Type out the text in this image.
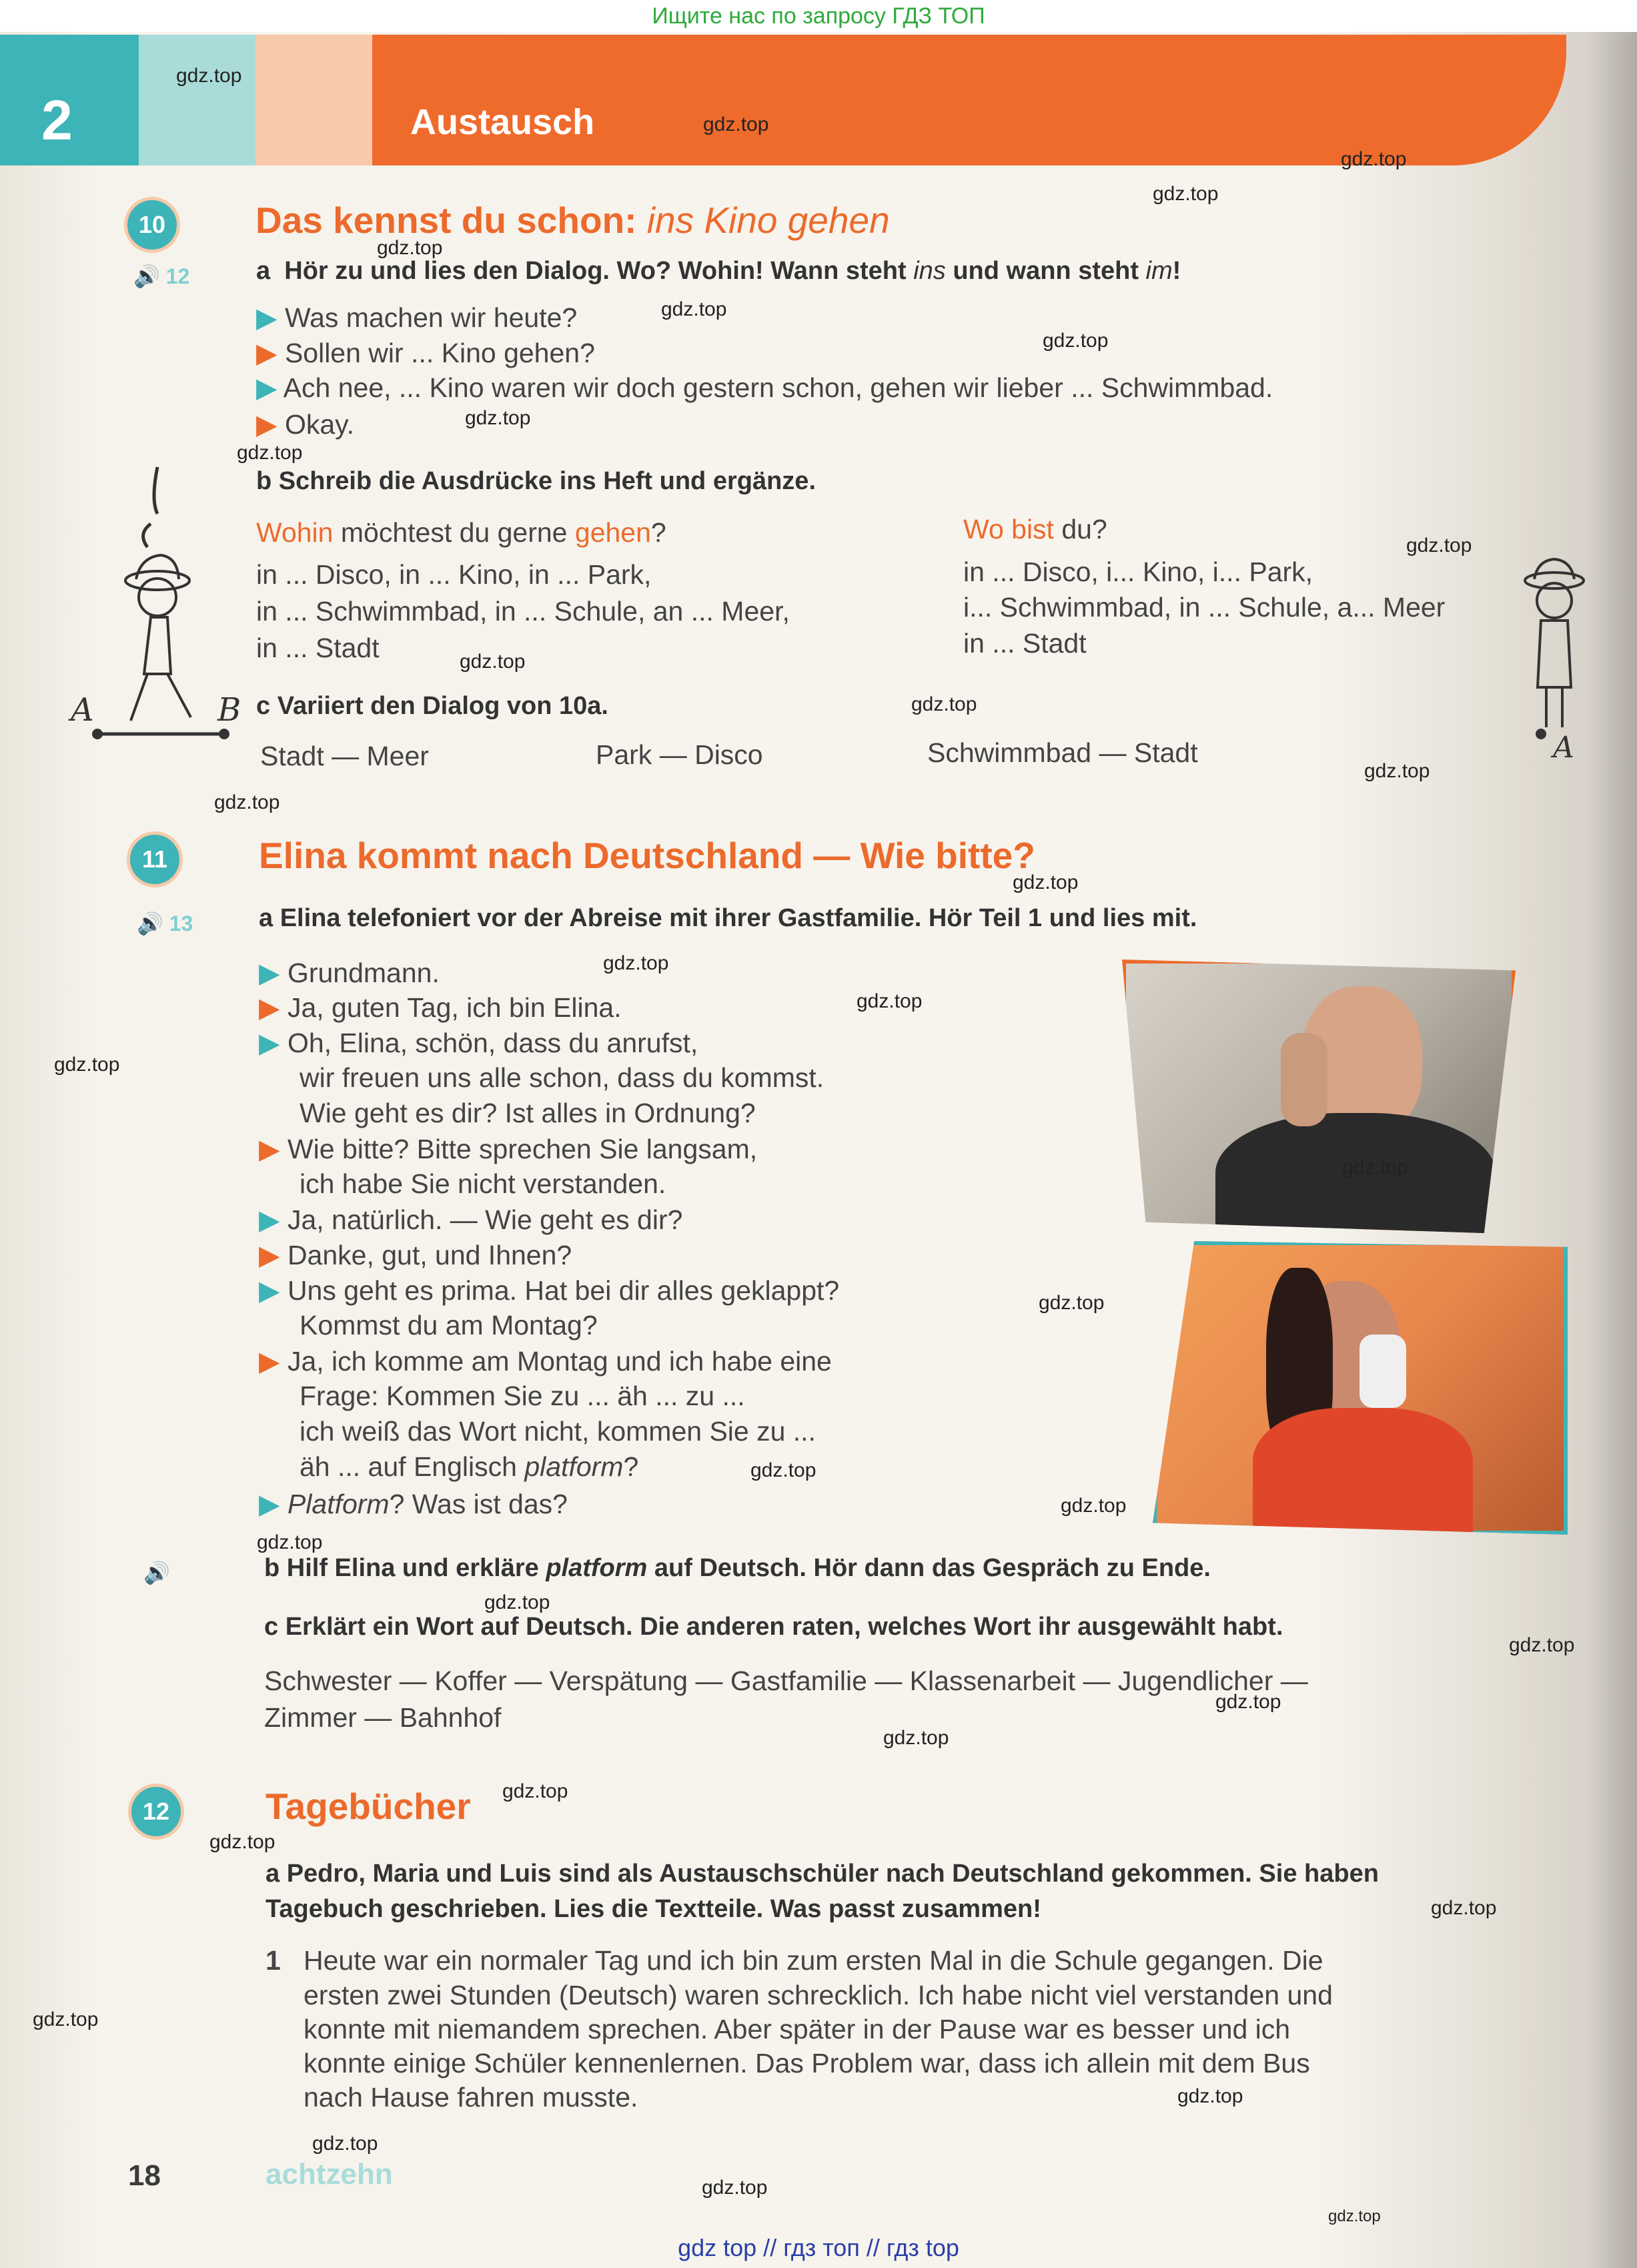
Ищите нас по запросу ГДЗ ТОП
2	Austausch
10	Das kennst du schon: ins Kino gehen
🔊 12	a Hör zu und lies den Dialog. Wo? Wohin! Wann steht ins und wann steht im!
▶ Was machen wir heute?
▶ Sollen wir ... Kino gehen?
▶ Ach nee, ... Kino waren wir doch gestern schon, gehen wir lieber ... Schwimmbad.
▶ Okay.
b Schreib die Ausdrücke ins Heft und ergänze.
Wohin möchtest du gerne gehen?
in ... Disco, in ... Kino, in ... Park,
in ... Schwimmbad, in ... Schule, an ... Meer,
in ... Stadt
Wo bist du?
in ... Disco, i... Kino, i... Park,
i... Schwimmbad, in ... Schule, a... Meer
in ... Stadt
c Variiert den Dialog von 10a.
Stadt — Meer	Park — Disco	Schwimmbad — Stadt
A	B
A
11	Elina kommt nach Deutschland — Wie bitte?
🔊 13	a Elina telefoniert vor der Abreise mit ihrer Gastfamilie. Hör Teil 1 und lies mit.
▶ Grundmann.
▶ Ja, guten Tag, ich bin Elina.
▶ Oh, Elina, schön, dass du anrufst,
wir freuen uns alle schon, dass du kommst.
Wie geht es dir? Ist alles in Ordnung?
▶ Wie bitte? Bitte sprechen Sie langsam,
ich habe Sie nicht verstanden.
▶ Ja, natürlich. — Wie geht es dir?
▶ Danke, gut, und Ihnen?
▶ Uns geht es prima. Hat bei dir alles geklappt?
Kommst du am Montag?
▶ Ja, ich komme am Montag und ich habe eine
Frage: Kommen Sie zu ... äh ... zu ...
ich weiß das Wort nicht, kommen Sie zu ...
äh ... auf Englisch platform?
▶ Platform? Was ist das?
🔊	b Hilf Elina und erkläre platform auf Deutsch. Hör dann das Gespräch zu Ende.
c Erklärt ein Wort auf Deutsch. Die anderen raten, welches Wort ihr ausgewählt habt.
Schwester — Koffer — Verspätung — Gastfamilie — Klassenarbeit — Jugendlicher —
Zimmer — Bahnhof
12	Tagebücher
a Pedro, Maria und Luis sind als Austauschschüler nach Deutschland gekommen. Sie haben
Tagebuch geschrieben. Lies die Textteile. Was passt zusammen!
1 Heute war ein normaler Tag und ich bin zum ersten Mal in die Schule gegangen. Die
ersten zwei Stunden (Deutsch) waren schrecklich. Ich habe nicht viel verstanden und
konnte mit niemandem sprechen. Aber später in der Pause war es besser und ich
konnte einige Schüler kennenlernen. Das Problem war, dass ich allein mit dem Bus
nach Hause fahren musste.
18	achtzehn
gdz top // гдз топ // гдз top
gdz.top
gdz.top
gdz.top
gdz.top
gdz.top
gdz.top
gdz.top
gdz.top
gdz.top
gdz.top
gdz.top
gdz.top
gdz.top
gdz.top
gdz.top
gdz.top
gdz.top
gdz.top
gdz.top
gdz.top
gdz.top
gdz.top
gdz.top
gdz.top
gdz.top
gdz.top
gdz.top
gdz.top
gdz.top
gdz.top
gdz.top
gdz.top
gdz.top
gdz.top
gdz.top
